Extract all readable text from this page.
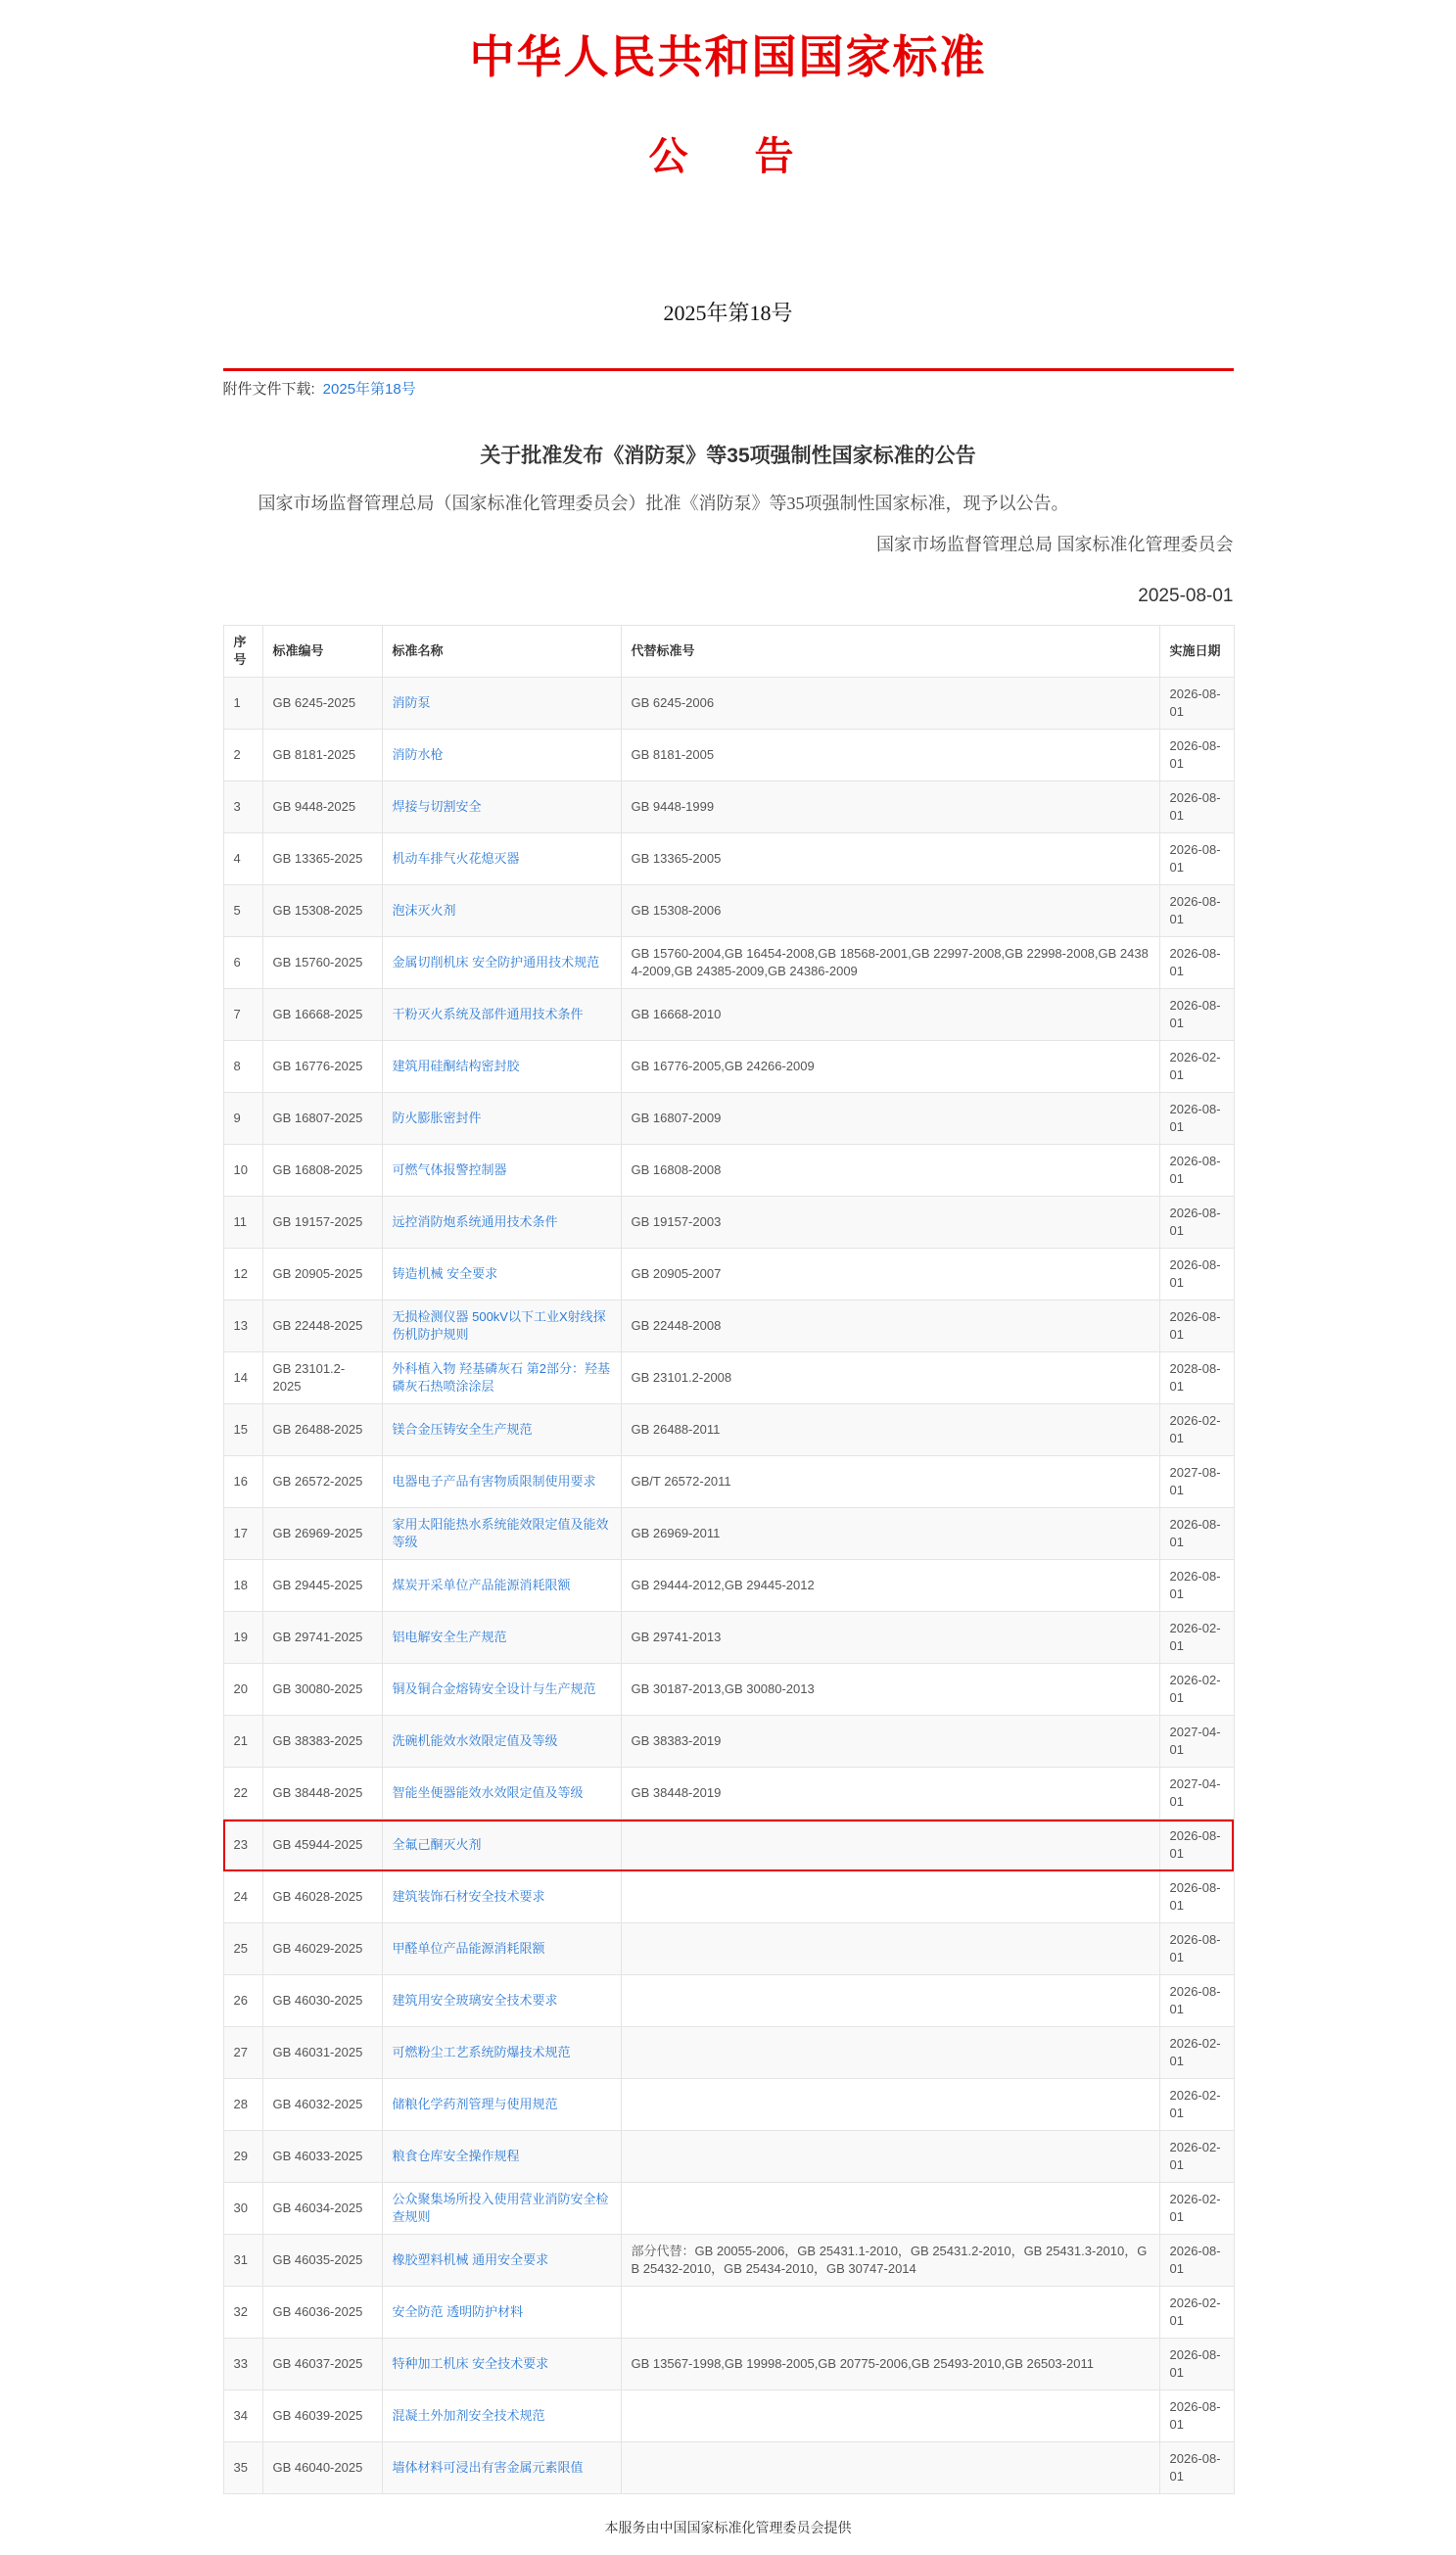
中华人民共和国国家标准
公　告
2025年第18号
附件文件下载: 2025年第18号
关于批准发布《消防泵》等35项强制性国家标准的公告

国家市场监督管理总局（国家标准化管理委员会）批准《消防泵》等35项强制性国家标准，现予以公告。

国家市场监督管理总局 国家标准化管理委员会
2025-08-01
序号	标准编号	标准名称	代替标准号	实施日期
1	GB 6245-2025	消防泵	GB 6245-2006	2026-08-01
2	GB 8181-2025	消防水枪	GB 8181-2005	2026-08-01
3	GB 9448-2025	焊接与切割安全	GB 9448-1999	2026-08-01
4	GB 13365-2025	机动车排气火花熄灭器	GB 13365-2005	2026-08-01
5	GB 15308-2025	泡沫灭火剂	GB 15308-2006	2026-08-01
6	GB 15760-2025	金属切削机床 安全防护通用技术规范	GB 15760-2004,GB 16454-2008,GB 18568-2001,GB 22997-2008,GB 22998-2008,GB 24384-2009,GB 24385-2009,GB 24386-2009	2026-08-01
7	GB 16668-2025	干粉灭火系统及部件通用技术条件	GB 16668-2010	2026-08-01
8	GB 16776-2025	建筑用硅酮结构密封胶	GB 16776-2005,GB 24266-2009	2026-02-01
9	GB 16807-2025	防火膨胀密封件	GB 16807-2009	2026-08-01
10	GB 16808-2025	可燃气体报警控制器	GB 16808-2008	2026-08-01
11	GB 19157-2025	远控消防炮系统通用技术条件	GB 19157-2003	2026-08-01
12	GB 20905-2025	铸造机械 安全要求	GB 20905-2007	2026-08-01
13	GB 22448-2025	无损检测仪器 500kV以下工业X射线探伤机防护规则	GB 22448-2008	2026-08-01
14	GB 23101.2-2025	外科植入物 羟基磷灰石 第2部分：羟基磷灰石热喷涂涂层	GB 23101.2-2008	2028-08-01
15	GB 26488-2025	镁合金压铸安全生产规范	GB 26488-2011	2026-02-01
16	GB 26572-2025	电器电子产品有害物质限制使用要求	GB/T 26572-2011	2027-08-01
17	GB 26969-2025	家用太阳能热水系统能效限定值及能效等级	GB 26969-2011	2026-08-01
18	GB 29445-2025	煤炭开采单位产品能源消耗限额	GB 29444-2012,GB 29445-2012	2026-08-01
19	GB 29741-2025	铝电解安全生产规范	GB 29741-2013	2026-02-01
20	GB 30080-2025	铜及铜合金熔铸安全设计与生产规范	GB 30187-2013,GB 30080-2013	2026-02-01
21	GB 38383-2025	洗碗机能效水效限定值及等级	GB 38383-2019	2027-04-01
22	GB 38448-2025	智能坐便器能效水效限定值及等级	GB 38448-2019	2027-04-01
23	GB 45944-2025	全氟己酮灭火剂		2026-08-01
24	GB 46028-2025	建筑装饰石材安全技术要求		2026-08-01
25	GB 46029-2025	甲醛单位产品能源消耗限额		2026-08-01
26	GB 46030-2025	建筑用安全玻璃安全技术要求		2026-08-01
27	GB 46031-2025	可燃粉尘工艺系统防爆技术规范		2026-02-01
28	GB 46032-2025	储粮化学药剂管理与使用规范		2026-02-01
29	GB 46033-2025	粮食仓库安全操作规程		2026-02-01
30	GB 46034-2025	公众聚集场所投入使用营业消防安全检查规则		2026-02-01
31	GB 46035-2025	橡胶塑料机械 通用安全要求	部分代替：GB 20055-2006，GB 25431.1-2010，GB 25431.2-2010，GB 25431.3-2010，GB 25432-2010，GB 25434-2010，GB 30747-2014	2026-08-01
32	GB 46036-2025	安全防范 透明防护材料		2026-02-01
33	GB 46037-2025	特种加工机床 安全技术要求	GB 13567-1998,GB 19998-2005,GB 20775-2006,GB 25493-2010,GB 26503-2011	2026-08-01
34	GB 46039-2025	混凝土外加剂安全技术规范		2026-08-01
35	GB 46040-2025	墙体材料可浸出有害金属元素限值		2026-08-01
本服务由中国国家标准化管理委员会提供
